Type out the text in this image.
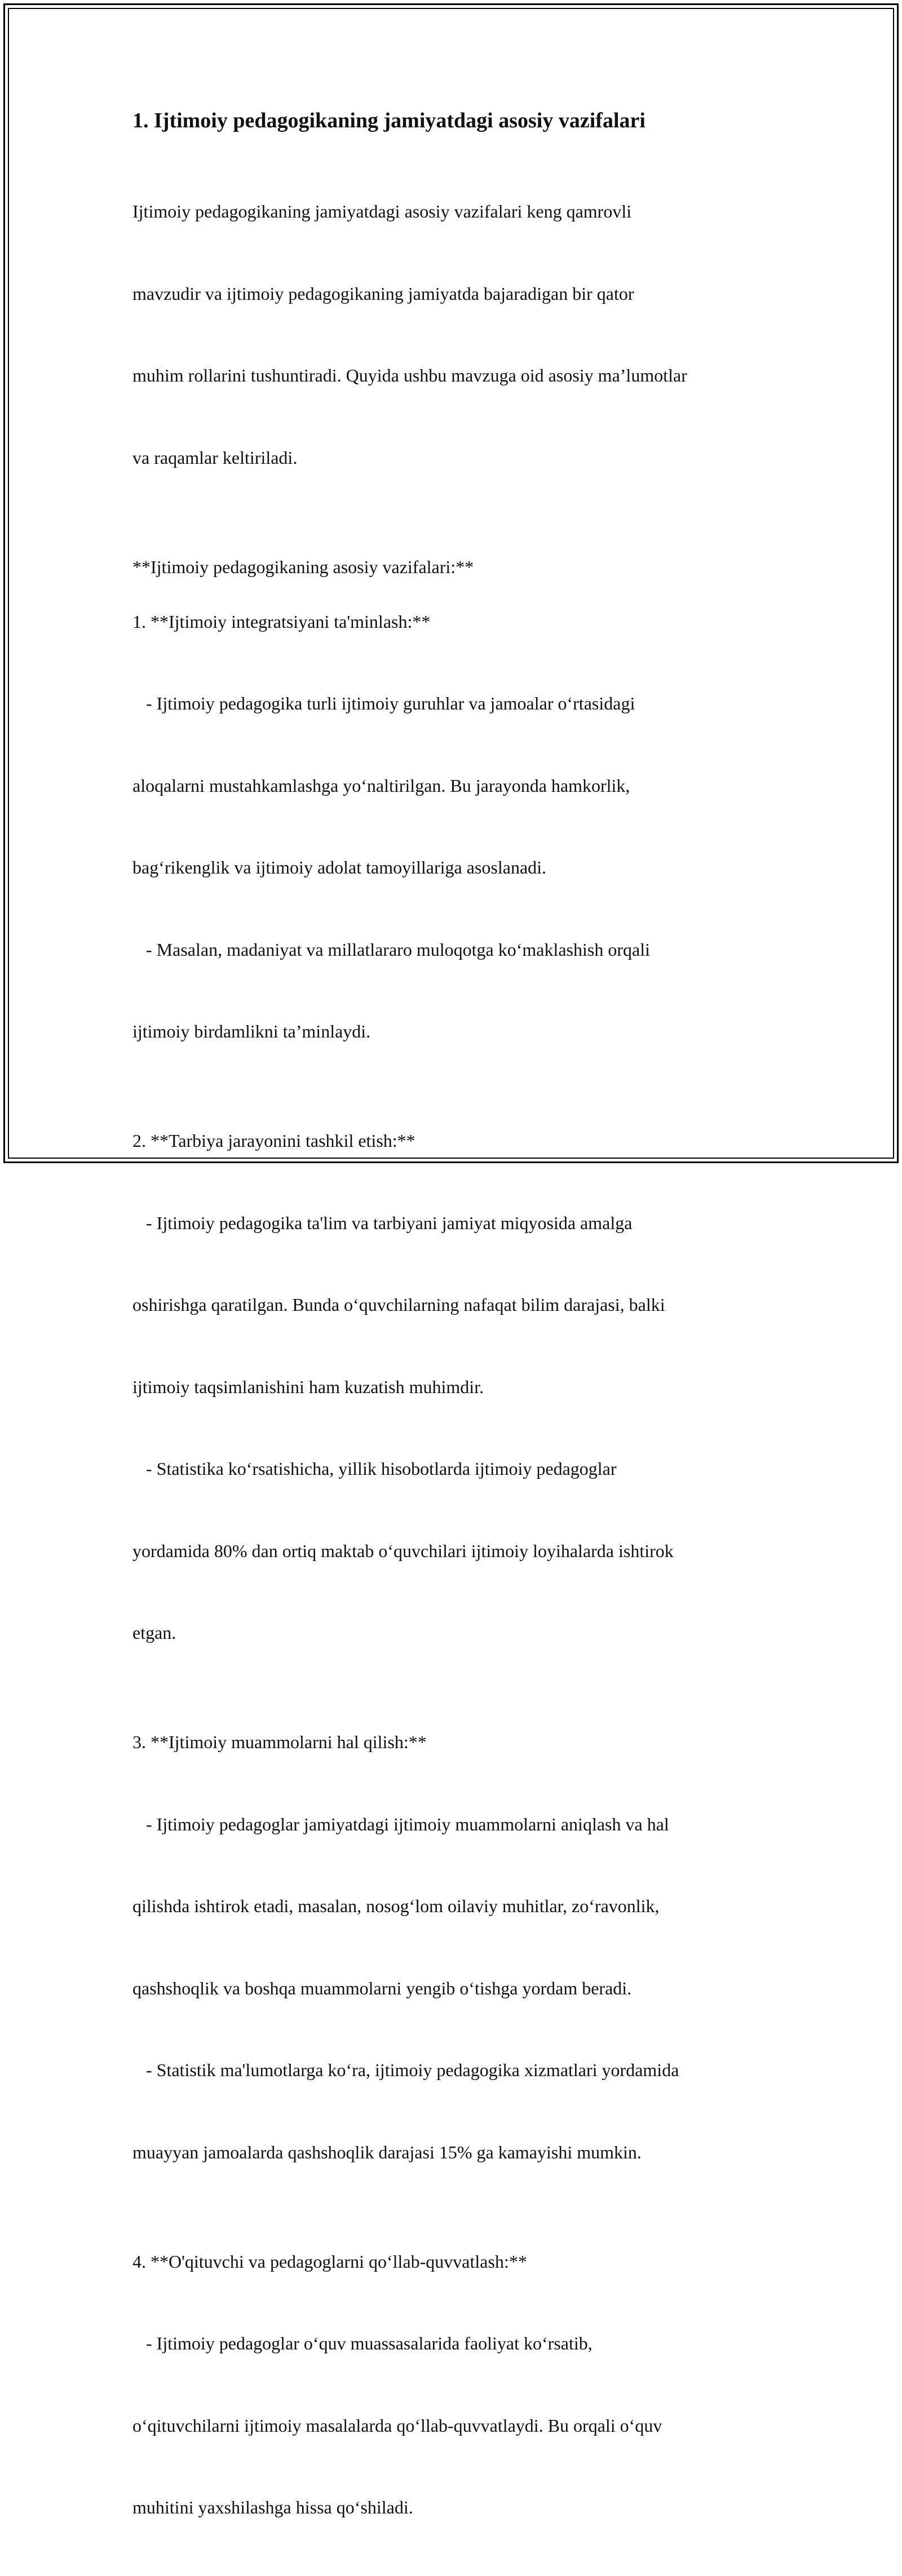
1. Ijtimoiy pedagogikaning jamiyatdagi asosiy vazifalari

Ijtimoiy pedagogikaning jamiyatdagi asosiy vazifalari keng qamrovli

mavzudir va ijtimoiy pedagogikaning jamiyatda bajaradigan bir qator

muhim rollarini tushuntiradi. Quyida ushbu mavzuga oid asosiy ma’lumotlar

va raqamlar keltiriladi.

**Ijtimoiy pedagogikaning asosiy vazifalari:**

1. **Ijtimoiy integratsiyani ta'minlash:**

- Ijtimoiy pedagogika turli ijtimoiy guruhlar va jamoalar o‘rtasidagi

aloqalarni mustahkamlashga yo‘naltirilgan. Bu jarayonda hamkorlik,

bag‘rikenglik va ijtimoiy adolat tamoyillariga asoslanadi.

- Masalan, madaniyat va millatlararo muloqotga ko‘maklashish orqali

ijtimoiy birdamlikni ta’minlaydi.

2. **Tarbiya jarayonini tashkil etish:**

- Ijtimoiy pedagogika ta'lim va tarbiyani jamiyat miqyosida amalga

oshirishga qaratilgan. Bunda o‘quvchilarning nafaqat bilim darajasi, balki

ijtimoiy taqsimlanishini ham kuzatish muhimdir.

- Statistika ko‘rsatishicha, yillik hisobotlarda ijtimoiy pedagoglar

yordamida 80% dan ortiq maktab o‘quvchilari ijtimoiy loyihalarda ishtirok

etgan.

3. **Ijtimoiy muammolarni hal qilish:**

- Ijtimoiy pedagoglar jamiyatdagi ijtimoiy muammolarni aniqlash va hal

qilishda ishtirok etadi, masalan, nosog‘lom oilaviy muhitlar, zo‘ravonlik,

qashshoqlik va boshqa muammolarni yengib o‘tishga yordam beradi.

- Statistik ma'lumotlarga ko‘ra, ijtimoiy pedagogika xizmatlari yordamida

muayyan jamoalarda qashshoqlik darajasi 15% ga kamayishi mumkin.

4. **O'qituvchi va pedagoglarni qo‘llab-quvvatlash:**

- Ijtimoiy pedagoglar o‘quv muassasalarida faoliyat ko‘rsatib,

o‘qituvchilarni ijtimoiy masalalarda qo‘llab-quvvatlaydi. Bu orqali o‘quv

muhitini yaxshilashga hissa qo‘shiladi.
